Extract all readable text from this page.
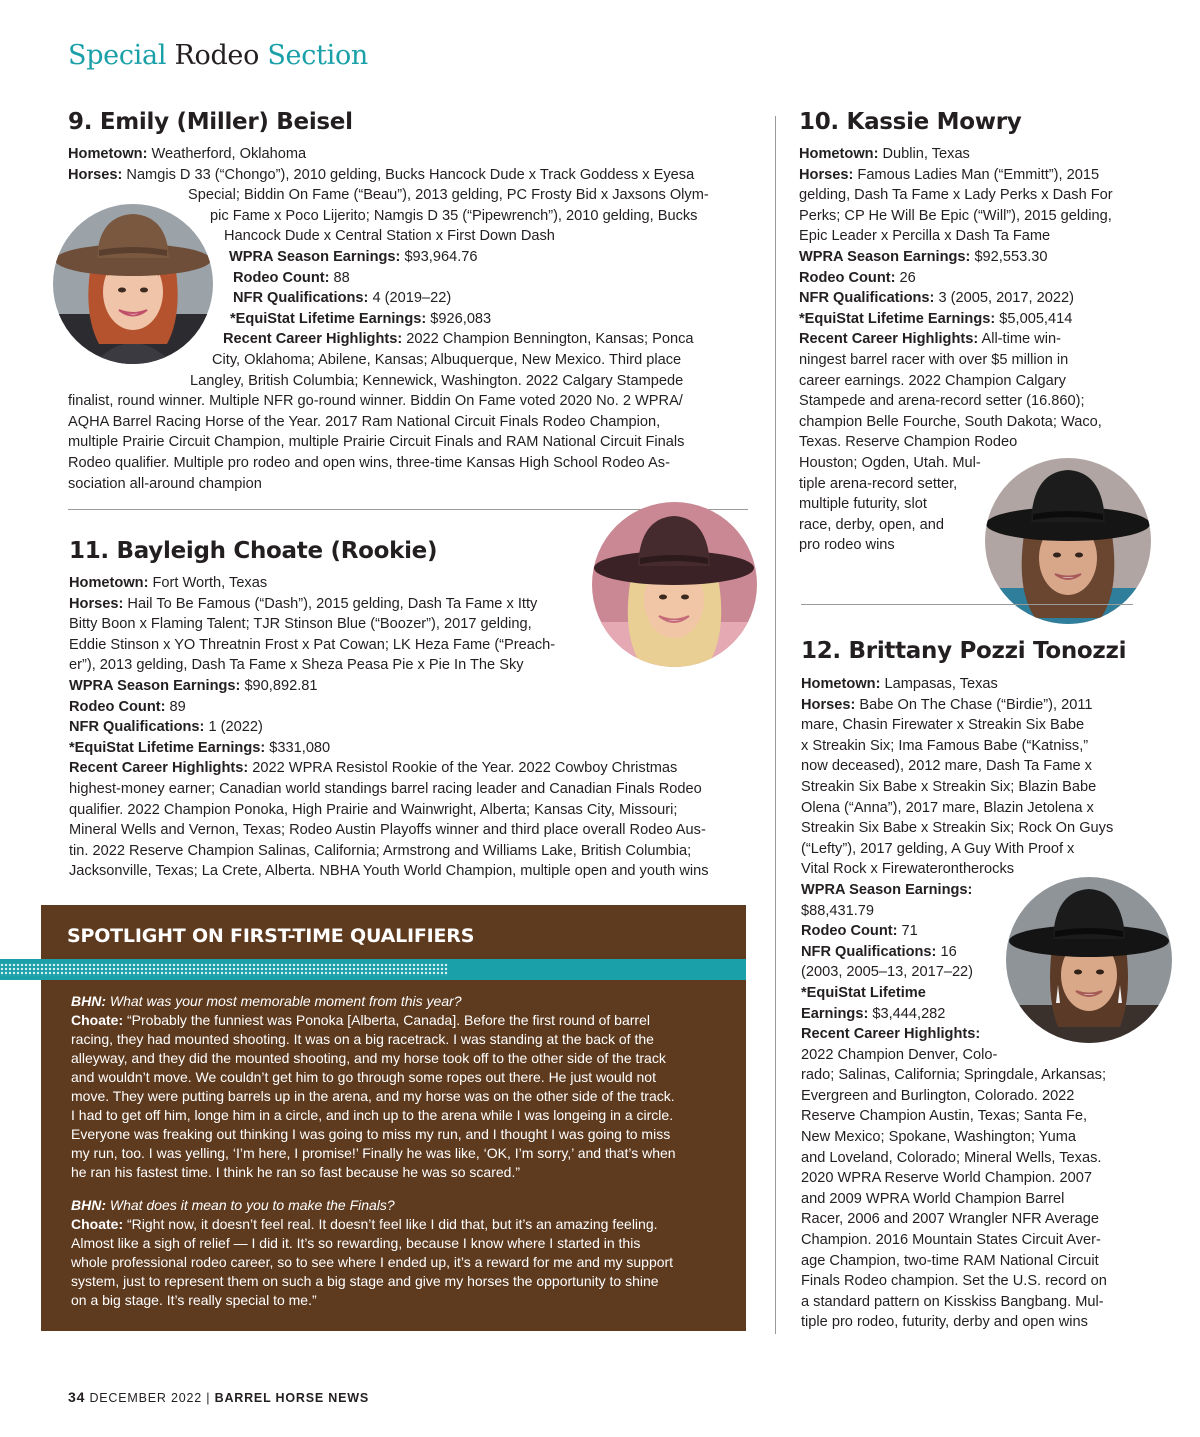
Special Rodeo Section
9. Emily (Miller) Beisel
Hometown: Weatherford, Oklahoma
Horses: Namgis D 33 (“Chongo”), 2010 gelding, Bucks Hancock Dude x Track Goddess x Eyesa
Special; Biddin On Fame (“Beau”), 2013 gelding, PC Frosty Bid x Jaxsons Olym-
pic Fame x Poco Lijerito; Namgis D 35 (“Pipewrench”), 2010 gelding, Bucks
Hancock Dude x Central Station x First Down Dash
WPRA Season Earnings: $93,964.76
Rodeo Count: 88
NFR Qualifications: 4 (2019–22)
*EquiStat Lifetime Earnings: $926,083
Recent Career Highlights: 2022 Champion Bennington, Kansas; Ponca
City, Oklahoma; Abilene, Kansas; Albuquerque, New Mexico. Third place
Langley, British Columbia; Kennewick, Washington. 2022 Calgary Stampede
finalist, round winner. Multiple NFR go-round winner. Biddin On Fame voted 2020 No. 2 WPRA/
AQHA Barrel Racing Horse of the Year. 2017 Ram National Circuit Finals Rodeo Champion,
multiple Prairie Circuit Champion, multiple Prairie Circuit Finals and RAM National Circuit Finals
Rodeo qualifier. Multiple pro rodeo and open wins, three-time Kansas High School Rodeo As-
sociation all-around champion
11. Bayleigh Choate (Rookie)
Hometown: Fort Worth, Texas
Horses: Hail To Be Famous (“Dash”), 2015 gelding, Dash Ta Fame x Itty
Bitty Boon x Flaming Talent; TJR Stinson Blue (“Boozer”), 2017 gelding,
Eddie Stinson x YO Threatnin Frost x Pat Cowan; LK Heza Fame (“Preach-
er”), 2013 gelding, Dash Ta Fame x Sheza Peasa Pie x Pie In The Sky
WPRA Season Earnings: $90,892.81
Rodeo Count: 89
NFR Qualifications: 1 (2022)
*EquiStat Lifetime Earnings: $331,080
Recent Career Highlights: 2022 WPRA Resistol Rookie of the Year. 2022 Cowboy Christmas
highest-money earner; Canadian world standings barrel racing leader and Canadian Finals Rodeo
qualifier. 2022 Champion Ponoka, High Prairie and Wainwright, Alberta; Kansas City, Missouri;
Mineral Wells and Vernon, Texas; Rodeo Austin Playoffs winner and third place overall Rodeo Aus-
tin. 2022 Reserve Champion Salinas, California; Armstrong and Williams Lake, British Columbia;
Jacksonville, Texas; La Crete, Alberta. NBHA Youth World Champion, multiple open and youth wins
SPOTLIGHT ON FIRST-TIME QUALIFIERS
BHN: What was your most memorable moment from this year?
Choate: “Probably the funniest was Ponoka [Alberta, Canada]. Before the first round of barrel
racing, they had mounted shooting. It was on a big racetrack. I was standing at the back of the
alleyway, and they did the mounted shooting, and my horse took off to the other side of the track
and wouldn’t move. We couldn’t get him to go through some ropes out there. He just would not
move. They were putting barrels up in the arena, and my horse was on the other side of the track.
I had to get off him, longe him in a circle, and inch up to the arena while I was longeing in a circle.
Everyone was freaking out thinking I was going to miss my run, and I thought I was going to miss
my run, too. I was yelling, ‘I’m here, I promise!’ Finally he was like, ‘OK, I’m sorry,’ and that’s when
he ran his fastest time. I think he ran so fast because he was so scared.”
BHN: What does it mean to you to make the Finals?
Choate: “Right now, it doesn’t feel real. It doesn’t feel like I did that, but it’s an amazing feeling.
Almost like a sigh of relief — I did it. It’s so rewarding, because I know where I started in this
whole professional rodeo career, so to see where I ended up, it’s a reward for me and my support
system, just to represent them on such a big stage and give my horses the opportunity to shine
on a big stage. It’s really special to me.”
10. Kassie Mowry
Hometown: Dublin, Texas
Horses: Famous Ladies Man (“Emmitt”), 2015
gelding, Dash Ta Fame x Lady Perks x Dash For
Perks; CP He Will Be Epic (“Will”), 2015 gelding,
Epic Leader x Percilla x Dash Ta Fame
WPRA Season Earnings: $92,553.30
Rodeo Count: 26
NFR Qualifications: 3 (2005, 2017, 2022)
*EquiStat Lifetime Earnings: $5,005,414
Recent Career Highlights: All-time win-
ningest barrel racer with over $5 million in
career earnings. 2022 Champion Calgary
Stampede and arena-record setter (16.860);
champion Belle Fourche, South Dakota; Waco,
Texas. Reserve Champion Rodeo
Houston; Ogden, Utah. Mul-
tiple arena-record setter,
multiple futurity, slot
race, derby, open, and
pro rodeo wins
12. Brittany Pozzi Tonozzi
Hometown: Lampasas, Texas
Horses: Babe On The Chase (“Birdie”), 2011
mare, Chasin Firewater x Streakin Six Babe
x Streakin Six; Ima Famous Babe (“Katniss,”
now deceased), 2012 mare, Dash Ta Fame x
Streakin Six Babe x Streakin Six; Blazin Babe
Olena (“Anna”), 2017 mare, Blazin Jetolena x
Streakin Six Babe x Streakin Six; Rock On Guys
(“Lefty”), 2017 gelding, A Guy With Proof x
Vital Rock x Firewaterontherocks
WPRA Season Earnings:
$88,431.79
Rodeo Count: 71
NFR Qualifications: 16
(2003, 2005–13, 2017–22)
*EquiStat Lifetime
Earnings: $3,444,282
Recent Career Highlights:
2022 Champion Denver, Colo-
rado; Salinas, California; Springdale, Arkansas;
Evergreen and Burlington, Colorado. 2022
Reserve Champion Austin, Texas; Santa Fe,
New Mexico; Spokane, Washington; Yuma
and Loveland, Colorado; Mineral Wells, Texas.
2020 WPRA Reserve World Champion. 2007
and 2009 WPRA World Champion Barrel
Racer, 2006 and 2007 Wrangler NFR Average
Champion. 2016 Mountain States Circuit Aver-
age Champion, two-time RAM National Circuit
Finals Rodeo champion. Set the U.S. record on
a standard pattern on Kisskiss Bangbang. Mul-
tiple pro rodeo, futurity, derby and open wins
34 DECEMBER 2022 | BARREL HORSE NEWS
